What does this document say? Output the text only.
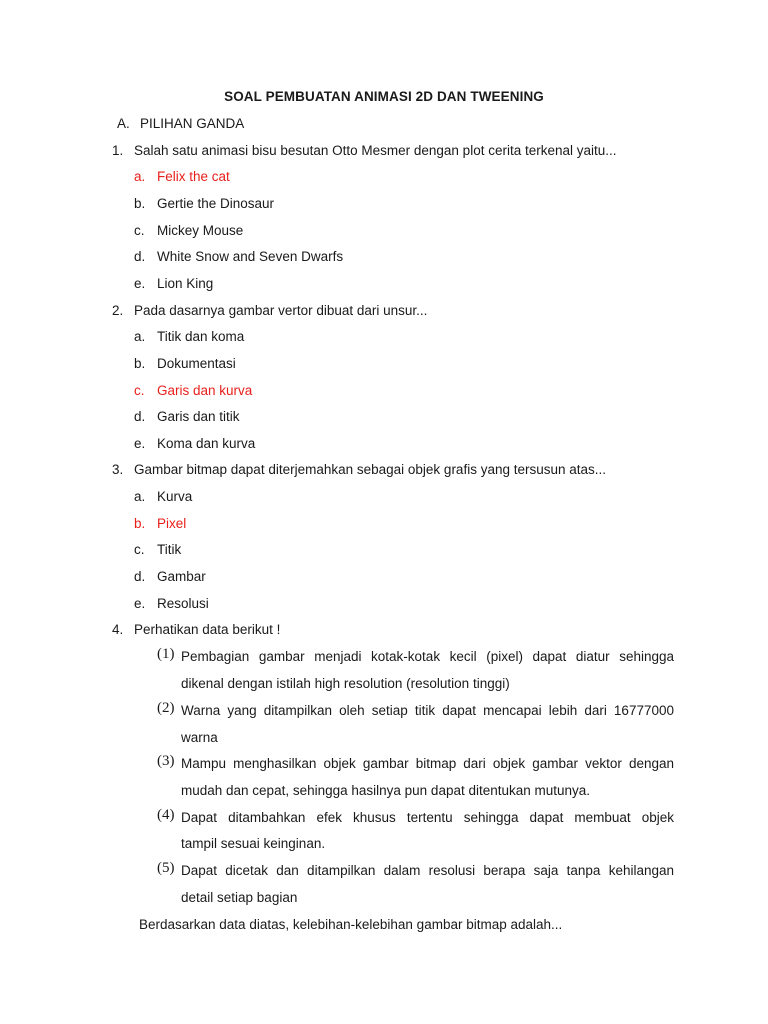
SOAL PEMBUATAN ANIMASI 2D DAN TWEENING
A. PILIHAN GANDA
1. Salah satu animasi bisu besutan Otto Mesmer dengan plot cerita terkenal yaitu...
a. Felix the cat
b. Gertie the Dinosaur
c. Mickey Mouse
d. White Snow and Seven Dwarfs
e. Lion King
2. Pada dasarnya gambar vertor dibuat dari unsur...
a. Titik dan koma
b. Dokumentasi
c. Garis dan kurva
d. Garis dan titik
e. Koma dan kurva
3. Gambar bitmap dapat diterjemahkan sebagai objek grafis yang tersusun atas...
a. Kurva
b. Pixel
c. Titik
d. Gambar
e. Resolusi
4. Perhatikan data berikut !
(1) Pembagian gambar menjadi kotak-kotak kecil (pixel) dapat diatur sehingga
dikenal dengan istilah high resolution (resolution tinggi)
(2) Warna yang ditampilkan oleh setiap titik dapat mencapai lebih dari 16777000
warna
(3) Mampu menghasilkan objek gambar bitmap dari objek gambar vektor dengan
mudah dan cepat, sehingga hasilnya pun dapat ditentukan mutunya.
(4) Dapat ditambahkan efek khusus tertentu sehingga dapat membuat objek
tampil sesuai keinginan.
(5) Dapat dicetak dan ditampilkan dalam resolusi berapa saja tanpa kehilangan
detail setiap bagian
Berdasarkan data diatas, kelebihan-kelebihan gambar bitmap adalah...
